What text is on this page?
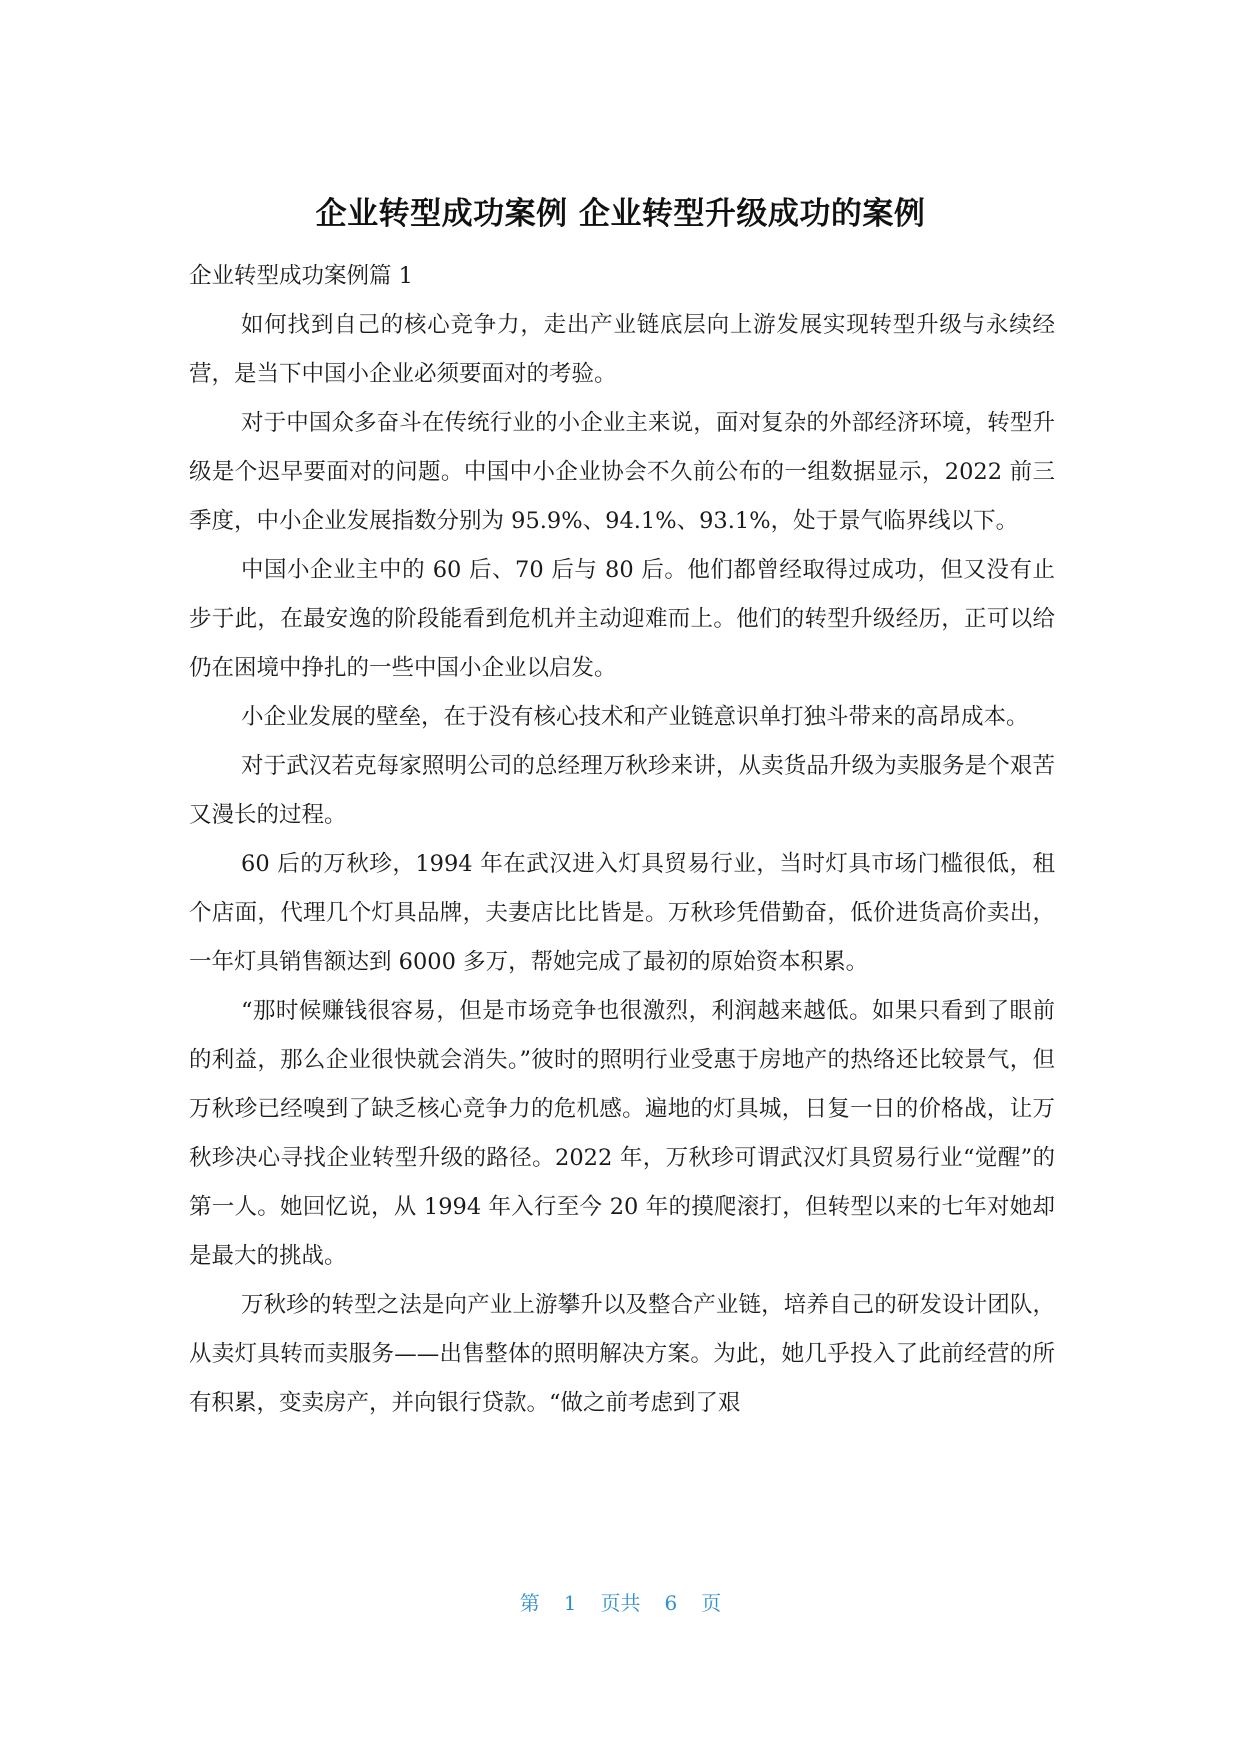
企业转型成功案例 企业转型升级成功的案例

企业转型成功案例篇 1

如何找到自己的核心竞争力，走出产业链底层向上游发展实现转型升级与永续经营，是当下中国小企业必须要面对的考验。

对于中国众多奋斗在传统行业的小企业主来说，面对复杂的外部经济环境，转型升级是个迟早要面对的问题。中国中小企业协会不久前公布的一组数据显示，2022 前三季度，中小企业发展指数分别为 95.9%、94.1%、93.1%，处于景气临界线以下。

中国小企业主中的 60 后、70 后与 80 后。他们都曾经取得过成功，但又没有止步于此，在最安逸的阶段能看到危机并主动迎难而上。他们的转型升级经历，正可以给仍在困境中挣扎的一些中国小企业以启发。

小企业发展的壁垒，在于没有核心技术和产业链意识单打独斗带来的高昂成本。

对于武汉若克每家照明公司的总经理万秋珍来讲，从卖货品升级为卖服务是个艰苦又漫长的过程。

60 后的万秋珍，1994 年在武汉进入灯具贸易行业，当时灯具市场门槛很低，租个店面，代理几个灯具品牌，夫妻店比比皆是。万秋珍凭借勤奋，低价进货高价卖出，一年灯具销售额达到 6000 多万，帮她完成了最初的原始资本积累。

“那时候赚钱很容易，但是市场竞争也很激烈，利润越来越低。如果只看到了眼前的利益，那么企业很快就会消失。”彼时的照明行业受惠于房地产的热络还比较景气，但万秋珍已经嗅到了缺乏核心竞争力的危机感。遍地的灯具城，日复一日的价格战，让万秋珍决心寻找企业转型升级的路径。2022 年，万秋珍可谓武汉灯具贸易行业“觉醒”的第一人。她回忆说，从 1994 年入行至今 20 年的摸爬滚打，但转型以来的七年对她却是最大的挑战。

万秋珍的转型之法是向产业上游攀升以及整合产业链，培养自己的研发设计团队，从卖灯具转而卖服务——出售整体的照明解决方案。为此，她几乎投入了此前经营的所有积累，变卖房产，并向银行贷款。“做之前考虑到了艰

第 1 页共 6 页
